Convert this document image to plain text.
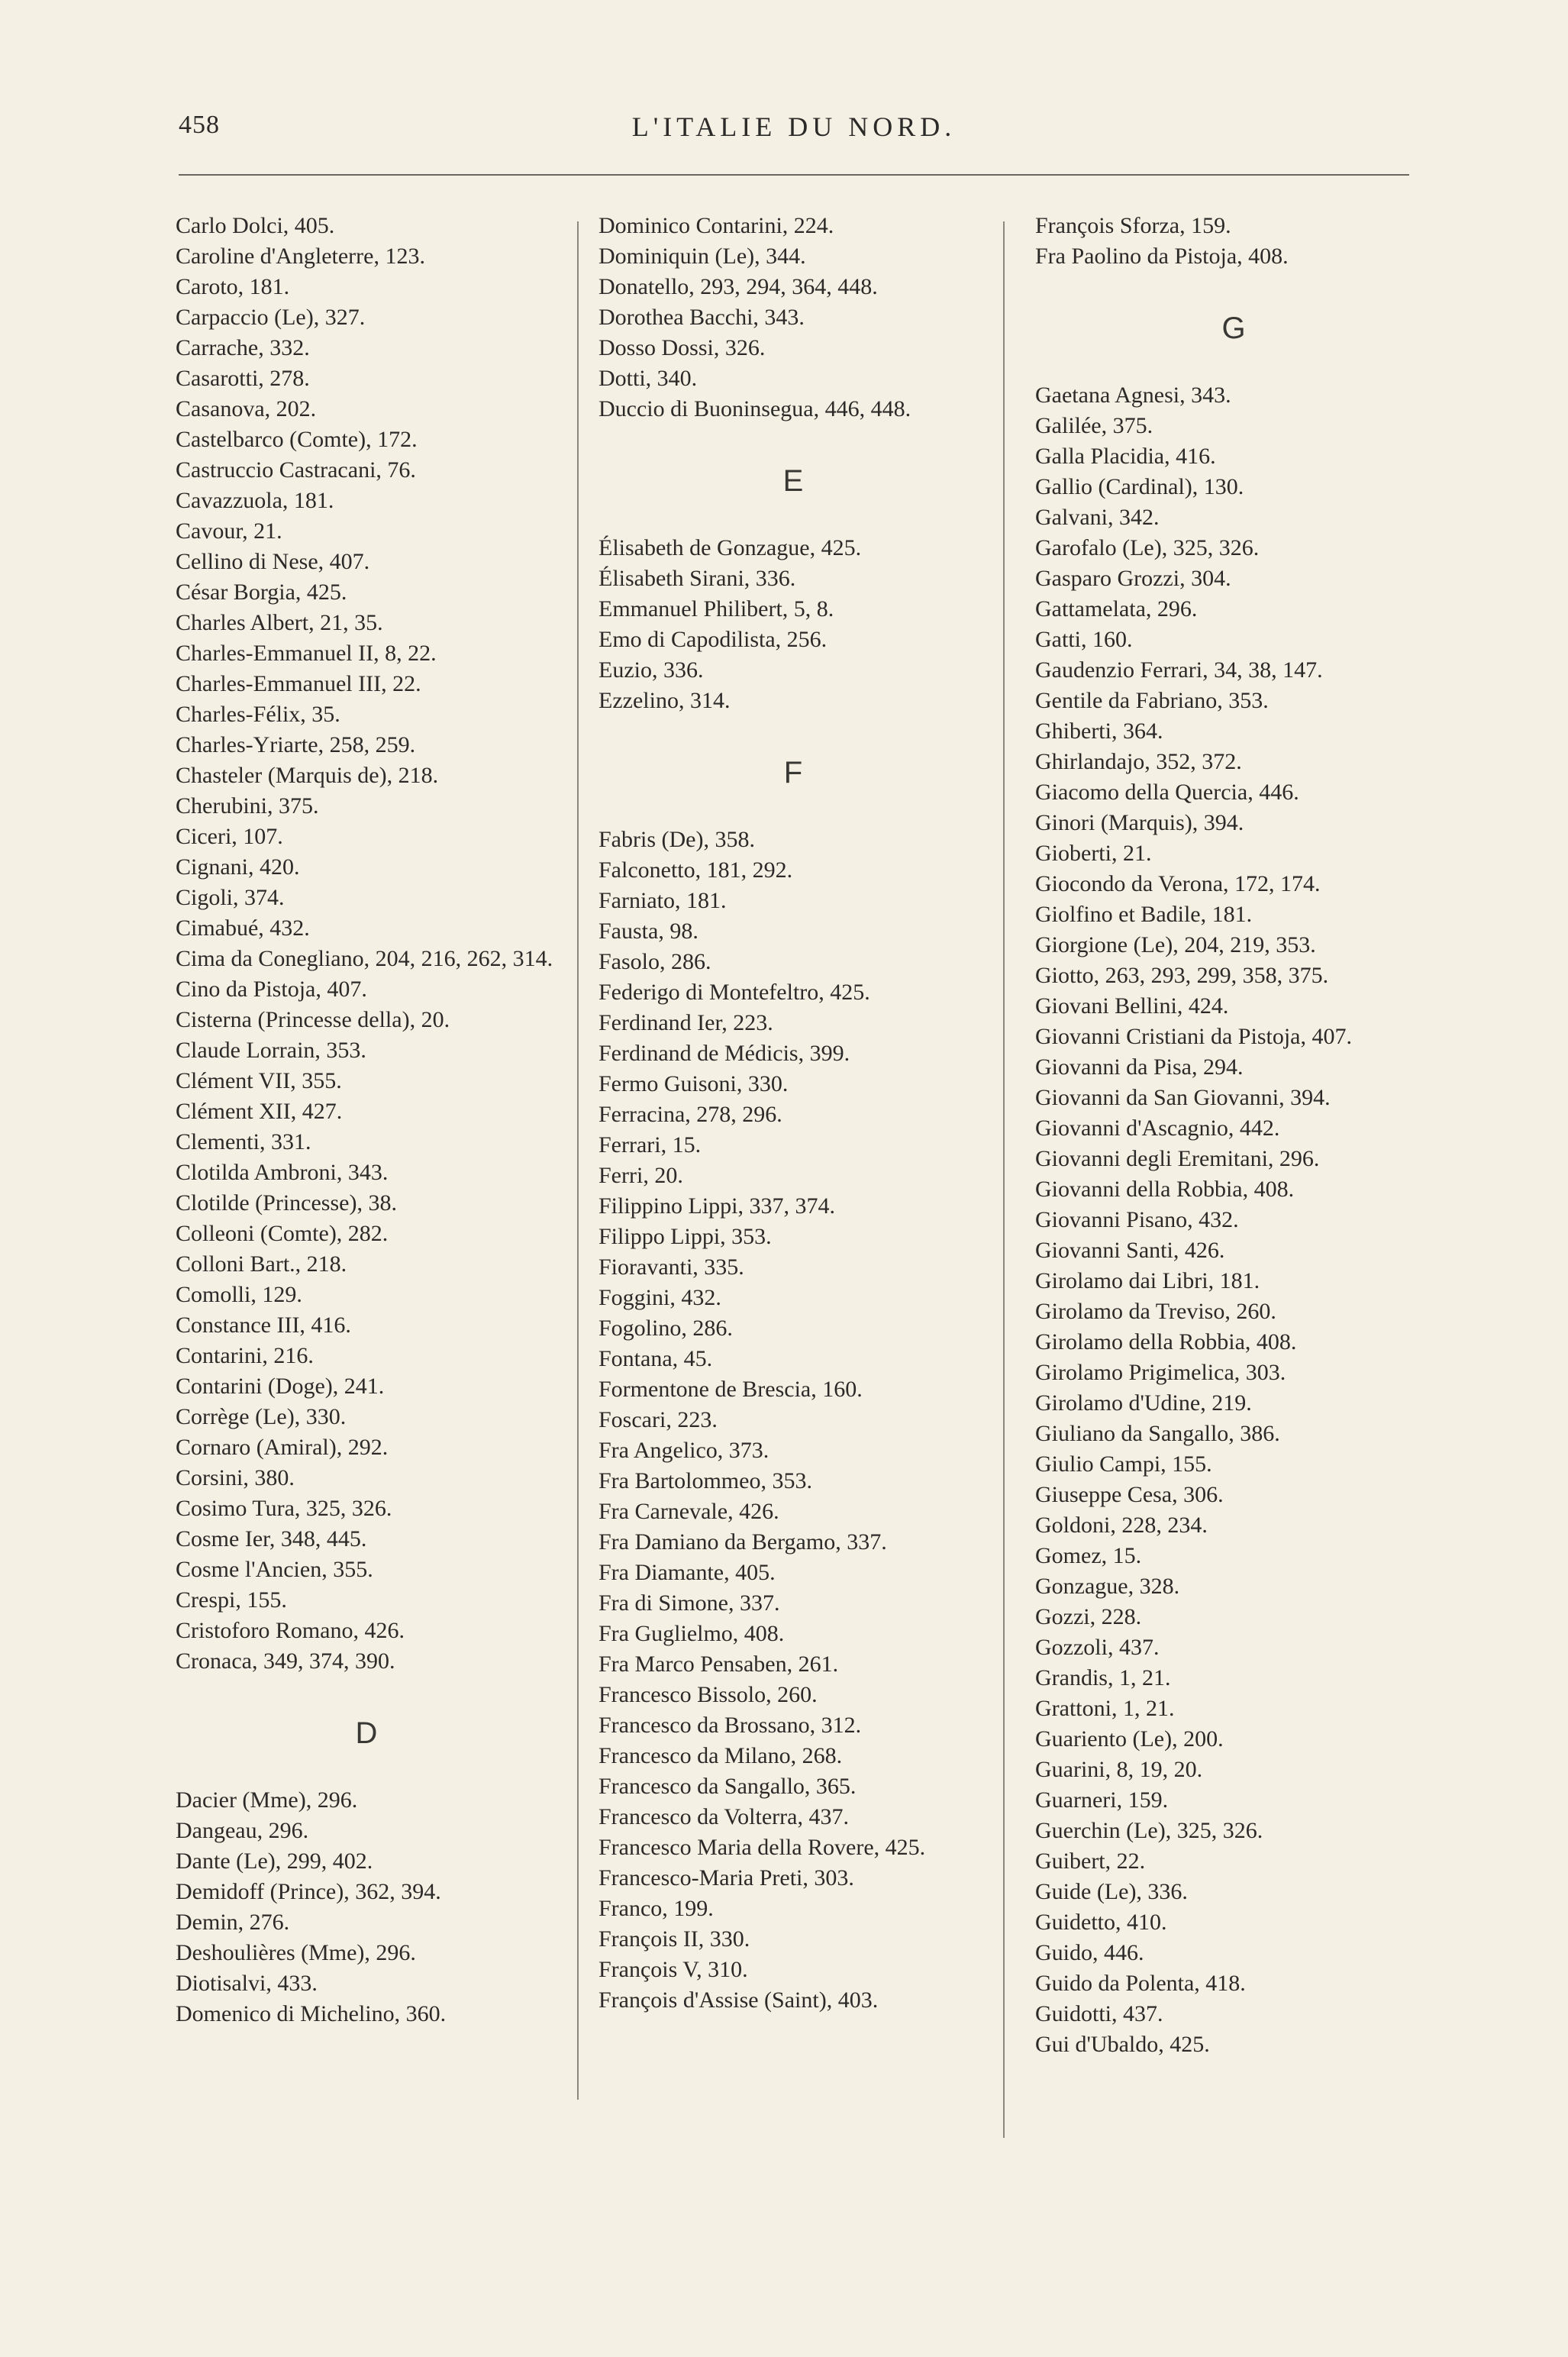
458	L'ITALIE DU NORD.
Carlo Dolci, 405.
Caroline d'Angleterre, 123.
Caroto, 181.
Carpaccio (Le), 327.
Carrache, 332.
Casarotti, 278.
Casanova, 202.
Castelbarco (Comte), 172.
Castruccio Castracani, 76.
Cavazzuola, 181.
Cavour, 21.
Cellino di Nese, 407.
César Borgia, 425.
Charles Albert, 21, 35.
Charles-Emmanuel II, 8, 22.
Charles-Emmanuel III, 22.
Charles-Félix, 35.
Charles-Yriarte, 258, 259.
Chasteler (Marquis de), 218.
Cherubini, 375.
Ciceri, 107.
Cignani, 420.
Cigoli, 374.
Cimabué, 432.
Cima da Conegliano, 204, 216, 262, 314.
Cino da Pistoja, 407.
Cisterna (Princesse della), 20.
Claude Lorrain, 353.
Clément VII, 355.
Clément XII, 427.
Clementi, 331.
Clotilda Ambroni, 343.
Clotilde (Princesse), 38.
Colleoni (Comte), 282.
Colloni Bart., 218.
Comolli, 129.
Constance III, 416.
Contarini, 216.
Contarini (Doge), 241.
Corrège (Le), 330.
Cornaro (Amiral), 292.
Corsini, 380.
Cosimo Tura, 325, 326.
Cosme Ier, 348, 445.
Cosme l'Ancien, 355.
Crespi, 155.
Cristoforo Romano, 426.
Cronaca, 349, 374, 390.
D
Dacier (Mme), 296.
Dangeau, 296.
Dante (Le), 299, 402.
Demidoff (Prince), 362, 394.
Demin, 276.
Deshoulières (Mme), 296.
Diotisalvi, 433.
Domenico di Michelino, 360.
Dominico Contarini, 224.
Dominiquin (Le), 344.
Donatello, 293, 294, 364, 448.
Dorothea Bacchi, 343.
Dosso Dossi, 326.
Dotti, 340.
Duccio di Buoninsegua, 446, 448.
E
Élisabeth de Gonzague, 425.
Élisabeth Sirani, 336.
Emmanuel Philibert, 5, 8.
Emo di Capodilista, 256.
Euzio, 336.
Ezzelino, 314.
F
Fabris (De), 358.
Falconetto, 181, 292.
Farniato, 181.
Fausta, 98.
Fasolo, 286.
Federigo di Montefeltro, 425.
Ferdinand Ier, 223.
Ferdinand de Médicis, 399.
Fermo Guisoni, 330.
Ferracina, 278, 296.
Ferrari, 15.
Ferri, 20.
Filippino Lippi, 337, 374.
Filippo Lippi, 353.
Fioravanti, 335.
Foggini, 432.
Fogolino, 286.
Fontana, 45.
Formentone de Brescia, 160.
Foscari, 223.
Fra Angelico, 373.
Fra Bartolommeo, 353.
Fra Carnevale, 426.
Fra Damiano da Bergamo, 337.
Fra Diamante, 405.
Fra di Simone, 337.
Fra Guglielmo, 408.
Fra Marco Pensaben, 261.
Francesco Bissolo, 260.
Francesco da Brossano, 312.
Francesco da Milano, 268.
Francesco da Sangallo, 365.
Francesco da Volterra, 437.
Francesco Maria della Rovere, 425.
Francesco-Maria Preti, 303.
Franco, 199.
François II, 330.
François V, 310.
François d'Assise (Saint), 403.
François Sforza, 159.
Fra Paolino da Pistoja, 408.
G
Gaetana Agnesi, 343.
Galilée, 375.
Galla Placidia, 416.
Gallio (Cardinal), 130.
Galvani, 342.
Garofalo (Le), 325, 326.
Gasparo Grozzi, 304.
Gattamelata, 296.
Gatti, 160.
Gaudenzio Ferrari, 34, 38, 147.
Gentile da Fabriano, 353.
Ghiberti, 364.
Ghirlandajo, 352, 372.
Giacomo della Quercia, 446.
Ginori (Marquis), 394.
Gioberti, 21.
Giocondo da Verona, 172, 174.
Giolfino et Badile, 181.
Giorgione (Le), 204, 219, 353.
Giotto, 263, 293, 299, 358, 375.
Giovani Bellini, 424.
Giovanni Cristiani da Pistoja, 407.
Giovanni da Pisa, 294.
Giovanni da San Giovanni, 394.
Giovanni d'Ascagnio, 442.
Giovanni degli Eremitani, 296.
Giovanni della Robbia, 408.
Giovanni Pisano, 432.
Giovanni Santi, 426.
Girolamo dai Libri, 181.
Girolamo da Treviso, 260.
Girolamo della Robbia, 408.
Girolamo Prigimelica, 303.
Girolamo d'Udine, 219.
Giuliano da Sangallo, 386.
Giulio Campi, 155.
Giuseppe Cesa, 306.
Goldoni, 228, 234.
Gomez, 15.
Gonzague, 328.
Gozzi, 228.
Gozzoli, 437.
Grandis, 1, 21.
Grattoni, 1, 21.
Guariento (Le), 200.
Guarini, 8, 19, 20.
Guarneri, 159.
Guerchin (Le), 325, 326.
Guibert, 22.
Guide (Le), 336.
Guidetto, 410.
Guido, 446.
Guido da Polenta, 418.
Guidotti, 437.
Gui d'Ubaldo, 425.
